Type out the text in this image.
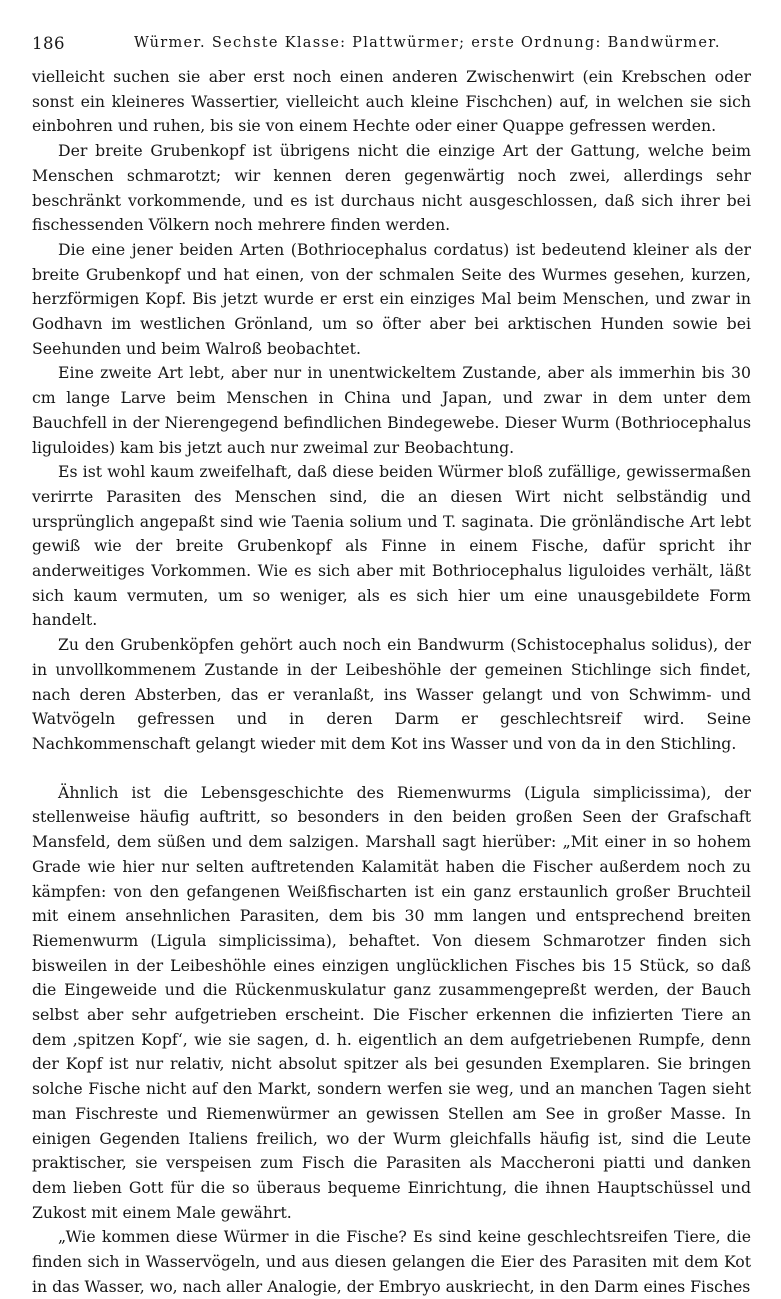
186	Würmer. Sechste Klasse: Plattwürmer; erste Ordnung: Bandwürmer.

vielleicht suchen sie aber erst noch einen anderen Zwischenwirt (ein Krebschen oder sonst ein kleineres Wassertier, vielleicht auch kleine Fischchen) auf, in welchen sie sich einbohren und ruhen, bis sie von einem Hechte oder einer Quappe gefressen werden.

Der breite Grubenkopf ist übrigens nicht die einzige Art der Gattung, welche beim Menschen schmarotzt; wir kennen deren gegenwärtig noch zwei, allerdings sehr beschränkt vorkommende, und es ist durchaus nicht ausgeschlossen, daß sich ihrer bei fischessenden Völkern noch mehrere finden werden.

Die eine jener beiden Arten (Bothriocephalus cordatus) ist bedeutend kleiner als der breite Grubenkopf und hat einen, von der schmalen Seite des Wurmes gesehen, kurzen, herzförmigen Kopf. Bis jetzt wurde er erst ein einziges Mal beim Menschen, und zwar in Godhavn im westlichen Grönland, um so öfter aber bei arktischen Hunden sowie bei Seehunden und beim Walroß beobachtet.

Eine zweite Art lebt, aber nur in unentwickeltem Zustande, aber als immerhin bis 30 cm lange Larve beim Menschen in China und Japan, und zwar in dem unter dem Bauchfell in der Nierengegend befindlichen Bindegewebe. Dieser Wurm (Bothriocephalus liguloides) kam bis jetzt auch nur zweimal zur Beobachtung.

Es ist wohl kaum zweifelhaft, daß diese beiden Würmer bloß zufällige, gewissermaßen verirrte Parasiten des Menschen sind, die an diesen Wirt nicht selbständig und ursprünglich angepaßt sind wie Taenia solium und T. saginata. Die grönländische Art lebt gewiß wie der breite Grubenkopf als Finne in einem Fische, dafür spricht ihr anderweitiges Vorkommen. Wie es sich aber mit Bothriocephalus liguloides verhält, läßt sich kaum vermuten, um so weniger, als es sich hier um eine unausgebildete Form handelt.

Zu den Grubenköpfen gehört auch noch ein Bandwurm (Schistocephalus solidus), der in unvollkommenem Zustande in der Leibeshöhle der gemeinen Stichlinge sich findet, nach deren Absterben, das er veranlaßt, ins Wasser gelangt und von Schwimm- und Watvögeln gefressen und in deren Darm er geschlechtsreif wird. Seine Nachkommenschaft gelangt wieder mit dem Kot ins Wasser und von da in den Stichling.

Ähnlich ist die Lebensgeschichte des Riemenwurms (Ligula simplicissima), der stellenweise häufig auftritt, so besonders in den beiden großen Seen der Grafschaft Mansfeld, dem süßen und dem salzigen. Marshall sagt hierüber: „Mit einer in so hohem Grade wie hier nur selten auftretenden Kalamität haben die Fischer außerdem noch zu kämpfen: von den gefangenen Weißfischarten ist ein ganz erstaunlich großer Bruchteil mit einem ansehnlichen Parasiten, dem bis 30 mm langen und entsprechend breiten Riemenwurm (Ligula simplicissima), behaftet. Von diesem Schmarotzer finden sich bisweilen in der Leibeshöhle eines einzigen unglücklichen Fisches bis 15 Stück, so daß die Eingeweide und die Rückenmuskulatur ganz zusammengepreßt werden, der Bauch selbst aber sehr aufgetrieben erscheint. Die Fischer erkennen die infizierten Tiere an dem ‚spitzen Kopf‘, wie sie sagen, d. h. eigentlich an dem aufgetriebenen Rumpfe, denn der Kopf ist nur relativ, nicht absolut spitzer als bei gesunden Exemplaren. Sie bringen solche Fische nicht auf den Markt, sondern werfen sie weg, und an manchen Tagen sieht man Fischreste und Riemenwürmer an gewissen Stellen am See in großer Masse. In einigen Gegenden Italiens freilich, wo der Wurm gleichfalls häufig ist, sind die Leute praktischer, sie verspeisen zum Fisch die Parasiten als Maccheroni piatti und danken dem lieben Gott für die so überaus bequeme Einrichtung, die ihnen Hauptschüssel und Zukost mit einem Male gewährt.

„Wie kommen diese Würmer in die Fische? Es sind keine geschlechtsreifen Tiere, die finden sich in Wasservögeln, und aus diesen gelangen die Eier des Parasiten mit dem Kot in das Wasser, wo, nach aller Analogie, der Embryo auskriecht, in den Darm eines Fisches
